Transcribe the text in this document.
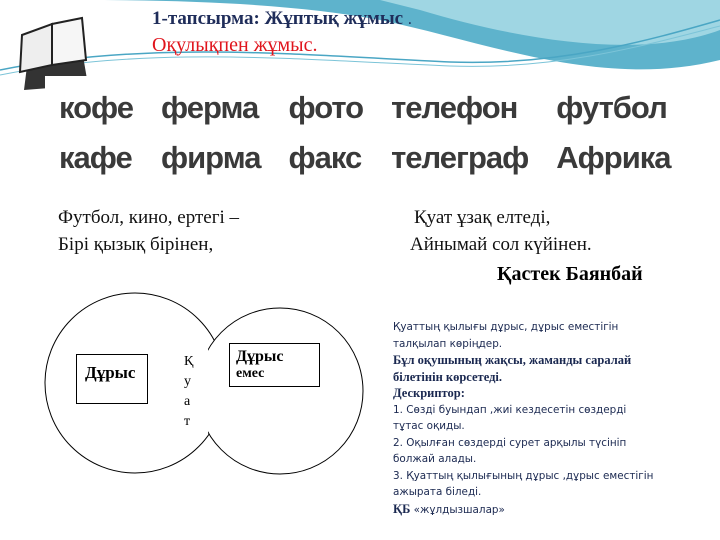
1-тапсырма: Жұптық жұмыс .
Оқулықпен жұмыс.
кофе
кафе
ферма
фирма
фото
факс
телефон
телеграф
футбол
Африка
Футбол, кино, ертегі –
Бірі қызық бірінен,
Қуат ұзақ елтеді,
Айнымай сол күйінен.
Қастек Баянбай
Дұрыс
Дұрыс
емес
Қ
у
а
т
Қуаттың қылығы дұрыс, дұрыс еместігін талқылап көріңдер.
Бұл оқушының жақсы, жаманды саралай білетінін көрсетеді.
Дескриптор:
1. Сөзді буындап ,жиі кездесетін сөздерді тұтас оқиды.
2. Оқылған сөздерді сурет арқылы түсініп болжай алады.
3. Қуаттың қылығының дұрыс ,дұрыс еместігін ажырата біледі.
ҚБ «жұлдызшалар»
